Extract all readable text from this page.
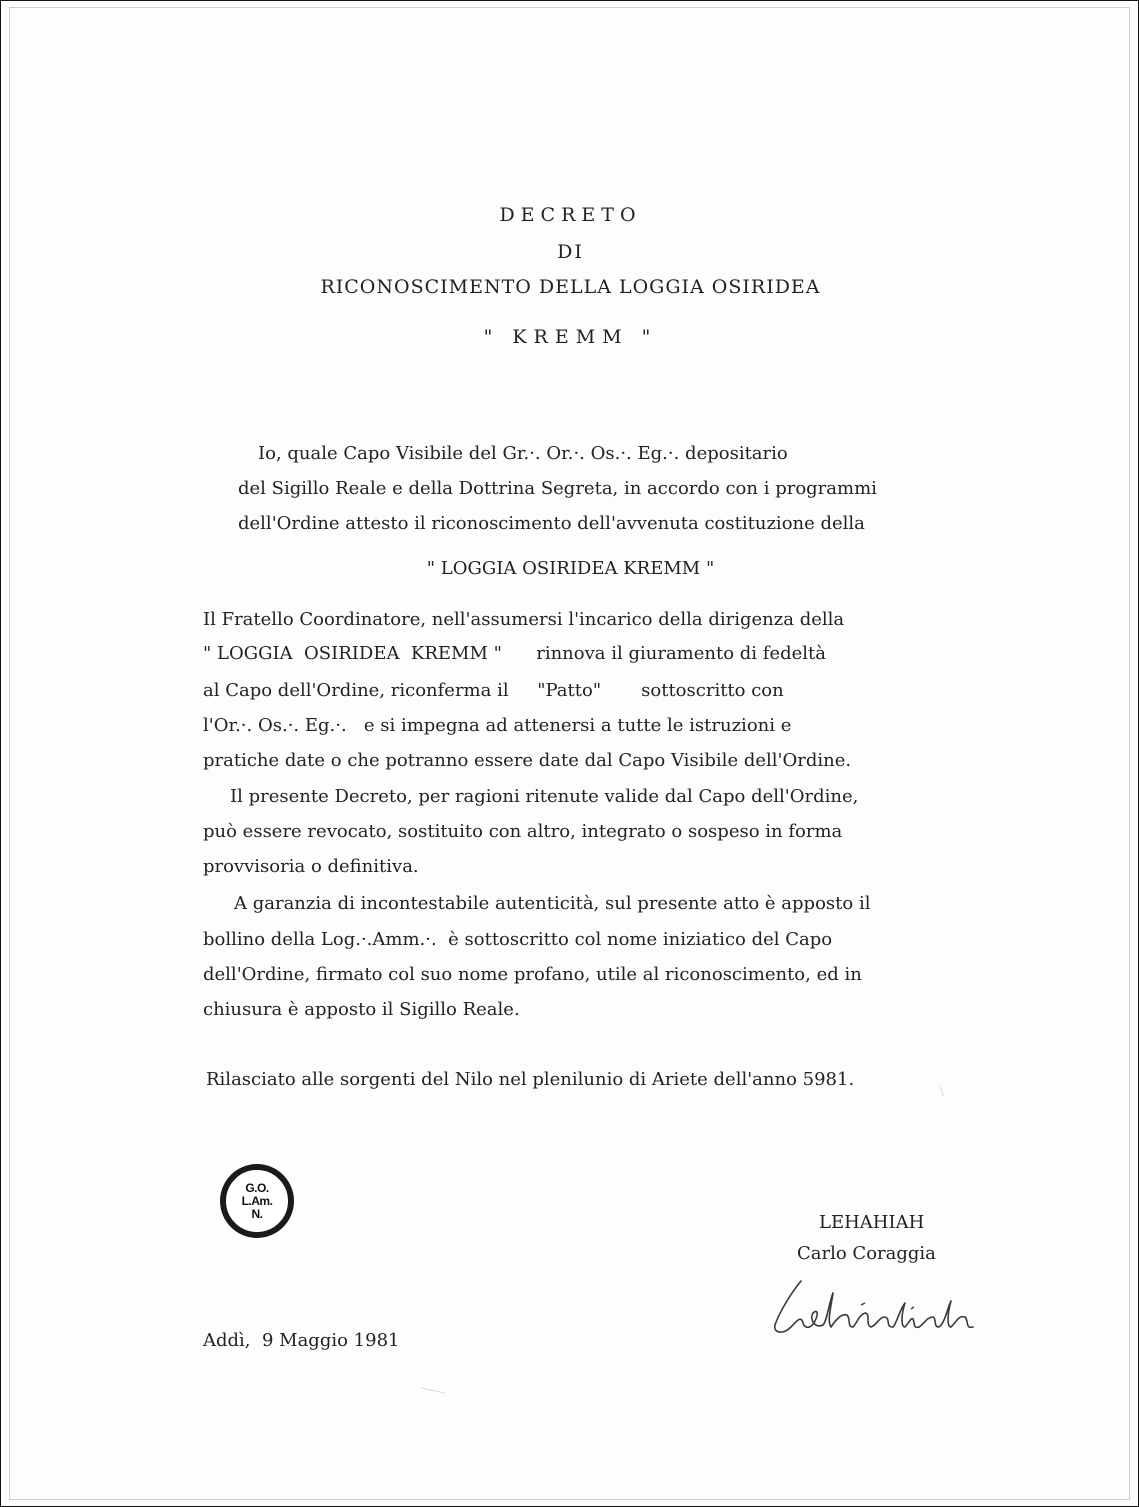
DECRETO
DI
RICONOSCIMENTO DELLA LOGGIA OSIRIDEA
" KREMM "
Io, quale Capo Visibile del Gr.·. Or.·. Os.·. Eg.·. depositario
del Sigillo Reale e della Dottrina Segreta, in accordo con i programmi
dell'Ordine attesto il riconoscimento dell'avvenuta costituzione della
" LOGGIA OSIRIDEA KREMM "
Il Fratello Coordinatore, nell'assumersi l'incarico della dirigenza della
" LOGGIA  OSIRIDEA  KREMM "      rinnova il giuramento di fedeltà
al Capo dell'Ordine, riconferma il     "Patto"       sottoscritto con
l'Or.·. Os.·. Eg.·.   e si impegna ad attenersi a tutte le istruzioni e
pratiche date o che potranno essere date dal Capo Visibile dell'Ordine.
Il presente Decreto, per ragioni ritenute valide dal Capo dell'Ordine,
può essere revocato, sostituito con altro, integrato o sospeso in forma
provvisoria o definitiva.
A garanzia di incontestabile autenticità, sul presente atto è apposto il
bollino della Log.·.Amm.·.  è sottoscritto col nome iniziatico del Capo
dell'Ordine, firmato col suo nome profano, utile al riconoscimento, ed in
chiusura è apposto il Sigillo Reale.
Rilasciato alle sorgenti del Nilo nel plenilunio di Ariete dell'anno 5981.
G.O.
L.Am.
N.	LEHAHIAH
Carlo Coraggia
Addì,  9 Maggio 1981
